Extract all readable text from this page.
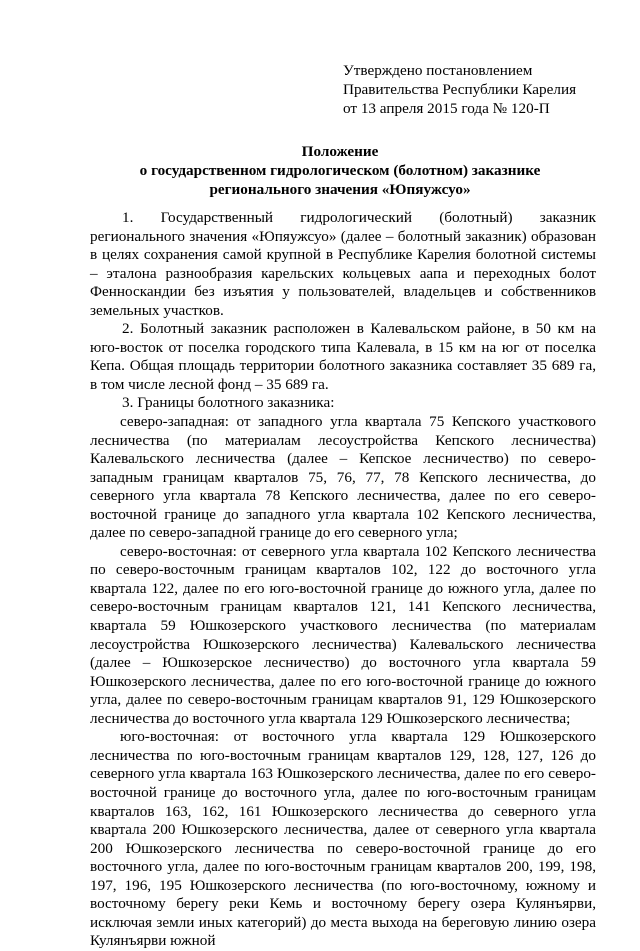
Утверждено постановлением
Правительства Республики Карелия
от 13 апреля 2015 года № 120-П
Положение
о государственном гидрологическом (болотном) заказнике
регионального значения «Юпяужсуо»

1. Государственный гидрологический (болотный) заказник регионального значения «Юпяужсуо» (далее – болотный заказник) образован в целях сохранения самой крупной в Республике Карелия болотной системы – эталона разнообразия карельских кольцевых аапа и переходных болот Фенноскандии без изъятия у пользователей, владельцев и собственников земельных участков.

2. Болотный заказник расположен в Калевальском районе, в 50 км на юго-восток от поселка городского типа Калевала, в 15 км на юг от поселка Кепа. Общая площадь территории болотного заказника составляет 35 689 га, в том числе лесной фонд – 35 689 га.

3. Границы болотного заказника:

северо-западная: от западного угла квартала 75 Кепского участкового лесничества (по материалам лесоустройства Кепского лесничества) Калевальского лесничества (далее – Кепское лесничество) по северо-западным границам кварталов 75, 76, 77, 78 Кепского лесничества, до северного угла квартала 78 Кепского лесничества, далее по его северо-восточной границе до западного угла квартала 102 Кепского лесничества, далее по северо-западной границе до его северного угла;

северо-восточная: от северного угла квартала 102 Кепского лесничества по северо-восточным границам кварталов 102, 122 до восточного угла квартала 122, далее по его юго-восточной границе до южного угла, далее по северо-восточным границам кварталов 121, 141 Кепского лесничества, квартала 59 Юшкозерского участкового лесничества (по материалам лесоустройства Юшкозерского лесничества) Калевальского лесничества (далее – Юшкозерское лесничество) до восточного угла квартала 59 Юшкозерского лесничества, далее по его юго-восточной границе до южного угла, далее по северо-восточным границам кварталов 91, 129 Юшкозерского лесничества до восточного угла квартала 129 Юшкозерского лесничества;

юго-восточная: от восточного угла квартала 129 Юшкозерского лесничества по юго-восточным границам кварталов 129, 128, 127, 126 до северного угла квартала 163 Юшкозерского лесничества, далее по его северо-восточной границе до восточного угла, далее по юго-восточным границам кварталов 163, 162, 161 Юшкозерского лесничества до северного угла квартала 200 Юшкозерского лесничества, далее от северного угла квартала 200 Юшкозерского лесничества по северо-восточной границе до его восточного угла, далее по юго-восточным границам кварталов 200, 199, 198, 197, 196, 195 Юшкозерского лесничества (по юго-восточному, южному и восточному берегу реки Кемь и восточному берегу озера Кулянъярви, исключая земли иных категорий) до места выхода на береговую линию озера Кулянъярви южной
